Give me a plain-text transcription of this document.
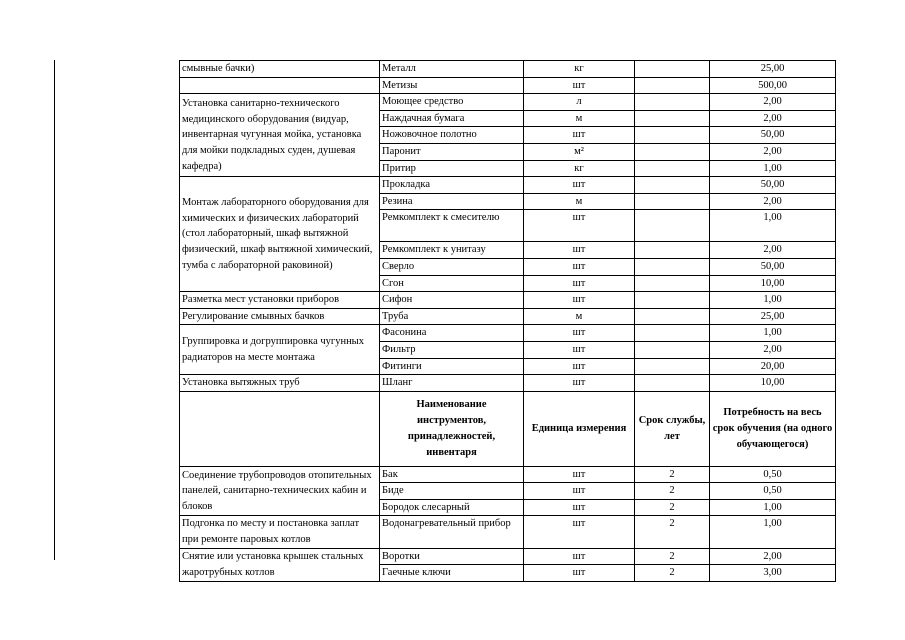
смывные бачки)	Металл	кг		25,00
	Метизы	шт		500,00
Установка санитарно-технического медицинского оборудования (видуар, инвентарная чугунная мойка, установка для мойки подкладных суден, душевая кафедра)	Моющее средство	л		2,00
	Наждачная бумага	м		2,00
	Ножовочное полотно	шт		50,00
	Паронит	м²		2,00
	Притир	кг		1,00
Монтаж лабораторного оборудования для химических и физических лабораторий (стол лабораторный, шкаф вытяжной физический, шкаф вытяжной химический, тумба с лабораторной раковиной)	Прокладка	шт		50,00
	Резина	м		2,00
	Ремкомплект к смесителю	шт		1,00
	Ремкомплект к унитазу	шт		2,00
	Сверло	шт		50,00
	Сгон	шт		10,00
Разметка мест установки приборов	Сифон	шт		1,00
Регулирование смывных бачков	Труба	м		25,00
Группировка и догруппировка чугунных радиаторов на месте монтажа	Фасонина	шт		1,00
	Фильтр	шт		2,00
	Фитинги	шт		20,00
Установка вытяжных труб	Шланг	шт		10,00
	Наименование инструментов, принадлежностей, инвентаря	Единица измерения	Срок службы, лет	Потребность на весь срок обучения (на одного обучающегося)
Соединение трубопроводов отопительных панелей, санитарно-технических кабин и блоков	Бак	шт	2	0,50
	Биде	шт	2	0,50
	Бородок слесарный	шт	2	1,00
Подгонка по месту и постановка заплат при ремонте паровых котлов	Водонагревательный прибор	шт	2	1,00
Снятие или установка крышек стальных жаротрубных котлов	Воротки	шт	2	2,00
	Гаечные ключи	шт	2	3,00
